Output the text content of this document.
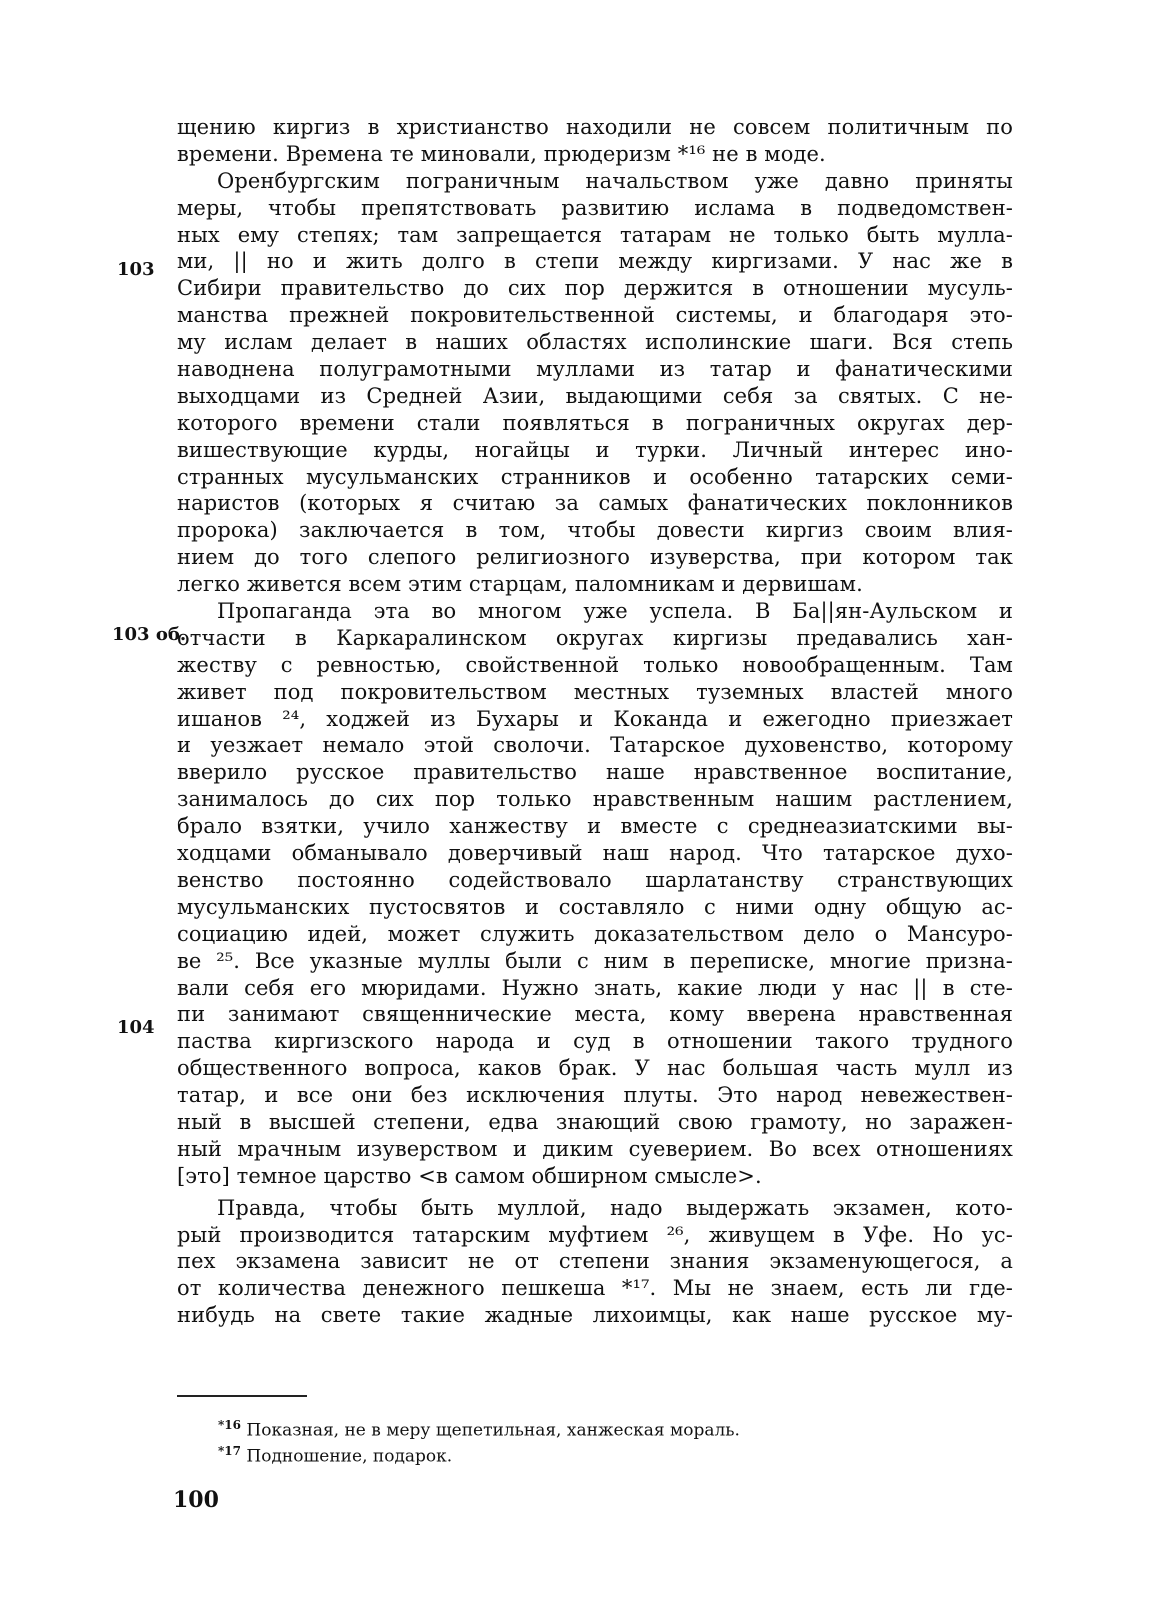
щению киргиз в христианство находили не совсем политичным по
времени. Времена те миновали, прюдеризм *¹⁶ не в моде.
Оренбургским пограничным начальством уже давно приняты
меры, чтобы препятствовать развитию ислама в подведомствен-
ных ему степях; там запрещается татарам не только быть мулла-
ми, || но и жить долго в степи между киргизами. У нас же в
Сибири правительство до сих пор держится в отношении мусуль-
манства прежней покровительственной системы, и благодаря это-
му ислам делает в наших областях исполинские шаги. Вся степь
наводнена полуграмотными муллами из татар и фанатическими
выходцами из Средней Азии, выдающими себя за святых. С не-
которого времени стали появляться в пограничных округах дер-
вишествующие курды, ногайцы и турки. Личный интерес ино-
странных мусульманских странников и особенно татарских семи-
наристов (которых я считаю за самых фанатических поклонников
пророка) заключается в том, чтобы довести киргиз своим влия-
нием до того слепого религиозного изуверства, при котором так
легко живется всем этим старцам, паломникам и дервишам.
Пропаганда эта во многом уже успела. В Ба||ян-Аульском и
отчасти в Каркаралинском округах киргизы предавались хан-
жеству с ревностью, свойственной только новообращенным. Там
живет под покровительством местных туземных властей много
ишанов ²⁴, ходжей из Бухары и Коканда и ежегодно приезжает
и уезжает немало этой сволочи. Татарское духовенство, которому
вверило русское правительство наше нравственное воспитание,
занималось до сих пор только нравственным нашим растлением,
брало взятки, учило ханжеству и вместе с среднеазиатскими вы-
ходцами обманывало доверчивый наш народ. Что татарское духо-
венство постоянно содействовало шарлатанству странствующих
мусульманских пустосвятов и составляло с ними одну общую ас-
социацию идей, может служить доказательством дело о Мансуро-
ве ²⁵. Все указные муллы были с ним в переписке, многие призна-
вали себя его мюридами. Нужно знать, какие люди у нас || в сте-
пи занимают священнические места, кому вверена нравственная
паства киргизского народа и суд в отношении такого трудного
общественного вопроса, каков брак. У нас большая часть мулл из
татар, и все они без исключения плуты. Это народ невежествен-
ный в высшей степени, едва знающий свою грамоту, но заражен-
ный мрачным изуверством и диким суеверием. Во всех отношениях
[это] темное царство <в самом обширном смысле>.
Правда, чтобы быть муллой, надо выдержать экзамен, кото-
рый производится татарским муфтием ²⁶, живущем в Уфе. Но ус-
пех экзамена зависит не от степени знания экзаменующегося, а
от количества денежного пешкеша *¹⁷. Мы не знаем, есть ли где-
нибудь на свете такие жадные лихоимцы, как наше русское му-
103
103 об.
104
$^{*16}$ Показная, не в меру щепетильная, ханжеская мораль.
$^{*17}$ Подношение, подарок.
100
